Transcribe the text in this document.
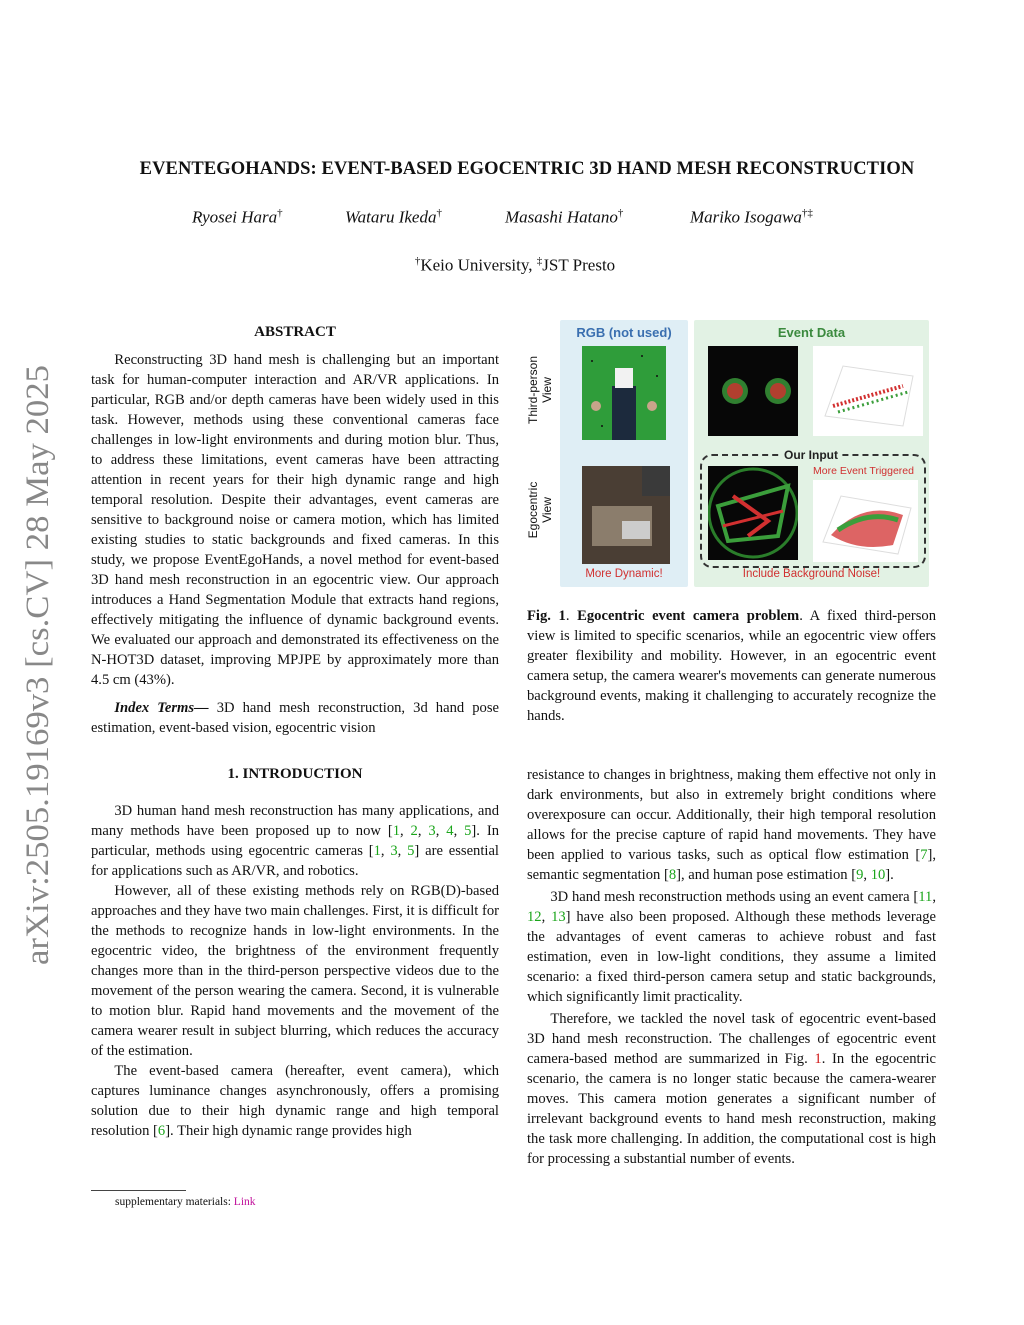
arXiv:2505.19169v3 [cs.CV] 28 May 2025
EVENTEGOHANDS: EVENT-BASED EGOCENTRIC 3D HAND MESH RECONSTRUCTION
Ryosei Hara†	Wataru Ikeda†	Masashi Hatano†	Mariko Isogawa†‡
†Keio University, ‡JST Presto
ABSTRACT

Reconstructing 3D hand mesh is challenging but an important task for human-computer interaction and AR/VR applications. In particular, RGB and/or depth cameras have been widely used in this task. However, methods using these conventional cameras face challenges in low-light environments and during motion blur. Thus, to address these limitations, event cameras have been attracting attention in recent years for their high dynamic range and high temporal resolution. Despite their advantages, event cameras are sensitive to background noise or camera motion, which has limited existing studies to static backgrounds and fixed cameras. In this study, we propose EventEgoHands, a novel method for event-based 3D hand mesh reconstruction in an egocentric view. Our approach introduces a Hand Segmentation Module that extracts hand regions, effectively mitigating the influence of dynamic background events. We evaluated our approach and demonstrated its effectiveness on the N-HOT3D dataset, improving MPJPE by approximately more than 4.5 cm (43%).

Index Terms— 3D hand mesh reconstruction, 3d hand pose estimation, event-based vision, egocentric vision

1. INTRODUCTION

3D human hand mesh reconstruction has many applications, and many methods have been proposed up to now [1, 2, 3, 4, 5]. In particular, methods using egocentric cameras [1, 3, 5] are essential for applications such as AR/VR, and robotics.

However, all of these existing methods rely on RGB(D)-based approaches and they have two main challenges. First, it is difficult for the methods to recognize hands in low-light environments. In the egocentric video, the brightness of the environment frequently changes more than in the third-person perspective videos due to the movement of the person wearing the camera. Second, it is vulnerable to motion blur. Rapid hand movements and the movement of the camera wearer result in subject blurring, which reduces the accuracy of the estimation.

The event-based camera (hereafter, event camera), which captures luminance changes asynchronously, offers a promising solution due to their high dynamic range and high temporal resolution [6]. Their high dynamic range provides high

supplementary materials: Link
RGB (not used)	Event Data
Third-person View
Egocentric View
Our Input
More Event Triggered
More Dynamic!	Include Background Noise!
Fig. 1. Egocentric event camera problem. A fixed third-person view is limited to specific scenarios, while an egocentric view offers greater flexibility and mobility. However, in an egocentric event camera setup, the camera wearer's movements can generate numerous background events, making it challenging to accurately recognize the hands.

resistance to changes in brightness, making them effective not only in dark environments, but also in extremely bright conditions where overexposure can occur. Additionally, their high temporal resolution allows for the precise capture of rapid hand movements. They have been applied to various tasks, such as optical flow estimation [7], semantic segmentation [8], and human pose estimation [9, 10].

3D hand mesh reconstruction methods using an event camera [11, 12, 13] have also been proposed. Although these methods leverage the advantages of event cameras to achieve robust and fast estimation, even in low-light conditions, they assume a limited scenario: a fixed third-person camera setup and static backgrounds, which significantly limit practicality.

Therefore, we tackled the novel task of egocentric event-based 3D hand mesh reconstruction. The challenges of egocentric event camera-based method are summarized in Fig. 1. In the egocentric scenario, the camera is no longer static because the camera-wearer moves. This camera motion generates a significant number of irrelevant background events to hand mesh reconstruction, making the task more challenging. In addition, the computational cost is high for processing a substantial number of events.
